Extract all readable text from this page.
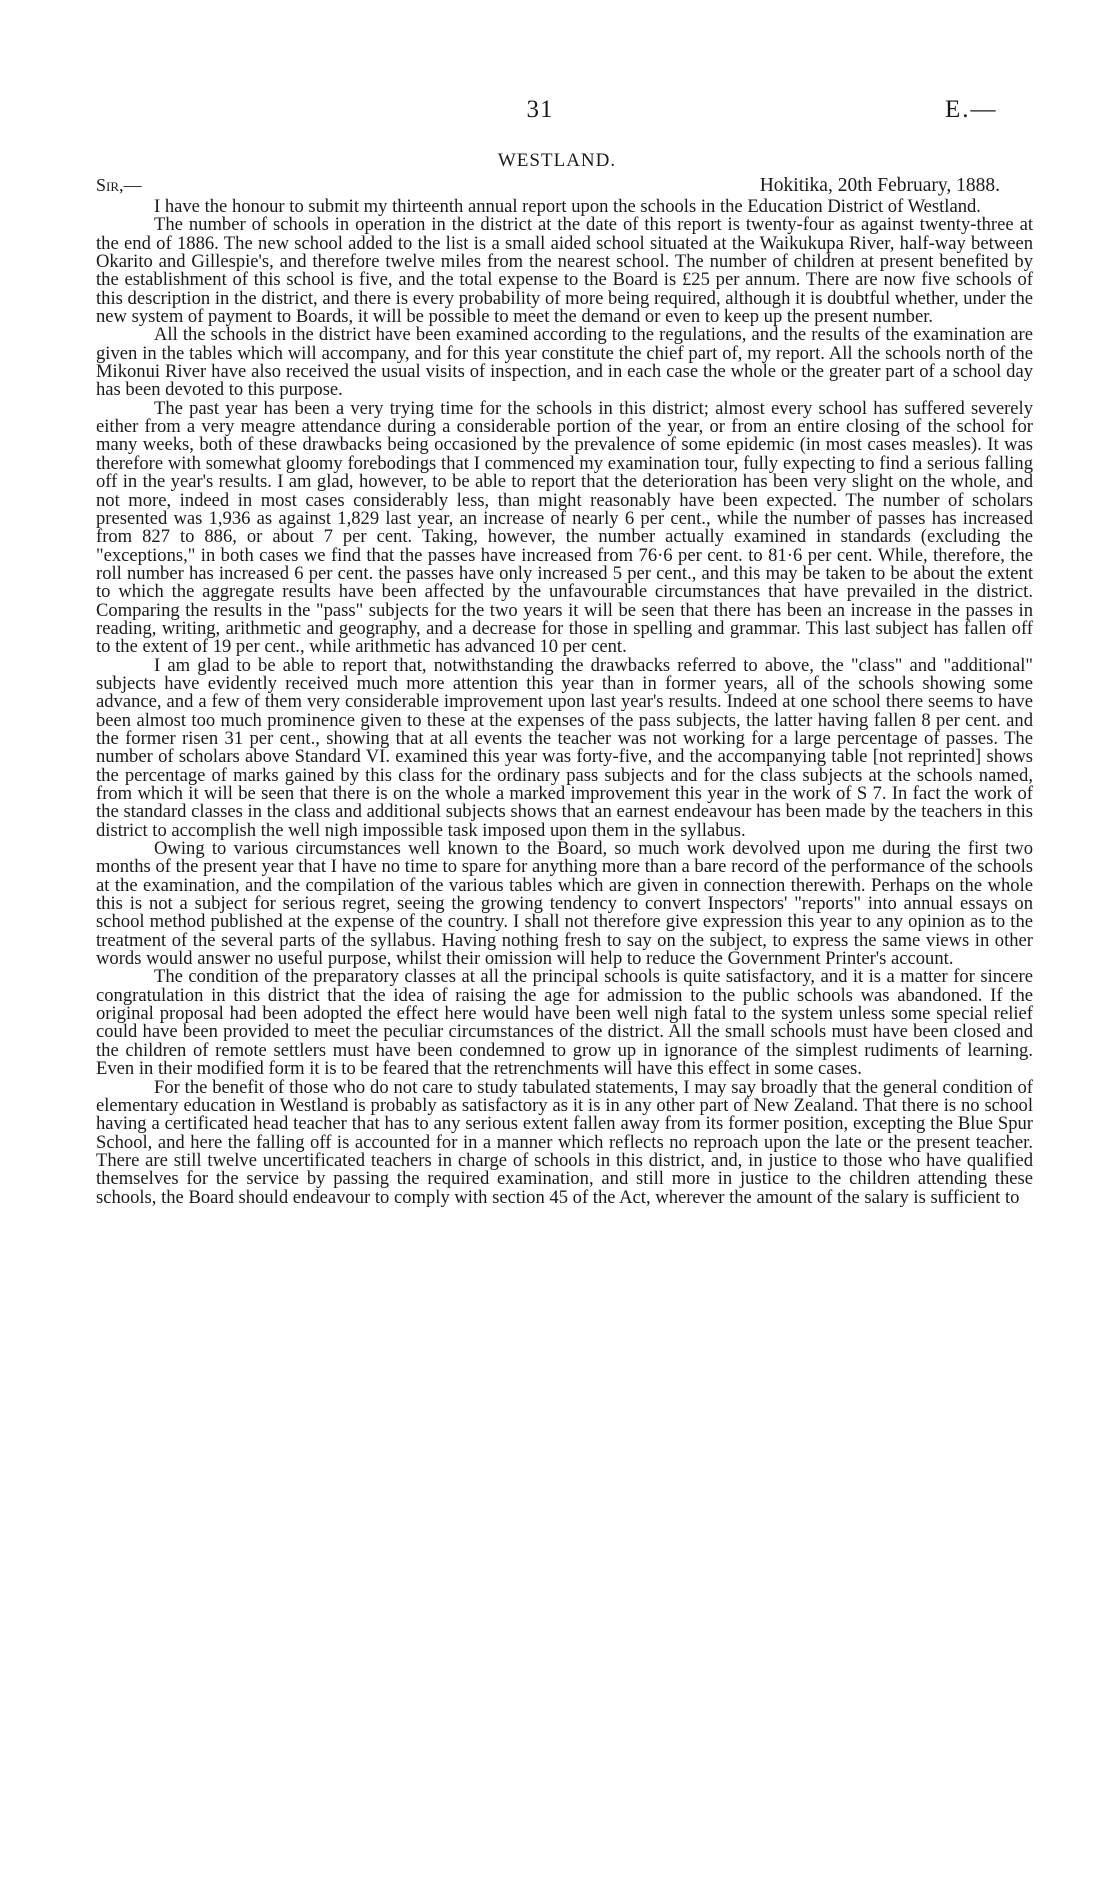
31	E.—
WESTLAND.
Sir,—	Hokitika, 20th February, 1888.

I have the honour to submit my thirteenth annual report upon the schools in the Education District of Westland.

The number of schools in operation in the district at the date of this report is twenty-four as against twenty-three at the end of 1886. The new school added to the list is a small aided school situated at the Waikukupa River, half-way between Okarito and Gillespie's, and therefore twelve miles from the nearest school. The number of children at present benefited by the establishment of this school is five, and the total expense to the Board is £25 per annum. There are now five schools of this description in the district, and there is every probability of more being required, although it is doubtful whether, under the new system of payment to Boards, it will be possible to meet the demand or even to keep up the present number.

All the schools in the district have been examined according to the regulations, and the results of the examination are given in the tables which will accompany, and for this year constitute the chief part of, my report. All the schools north of the Mikonui River have also received the usual visits of inspection, and in each case the whole or the greater part of a school day has been devoted to this purpose.

The past year has been a very trying time for the schools in this district; almost every school has suffered severely either from a very meagre attendance during a considerable portion of the year, or from an entire closing of the school for many weeks, both of these drawbacks being occasioned by the prevalence of some epidemic (in most cases measles). It was therefore with somewhat gloomy forebodings that I commenced my examination tour, fully expecting to find a serious falling off in the year's results. I am glad, however, to be able to report that the deterioration has been very slight on the whole, and not more, indeed in most cases considerably less, than might reasonably have been expected. The number of scholars presented was 1,936 as against 1,829 last year, an increase of nearly 6 per cent., while the number of passes has increased from 827 to 886, or about 7 per cent. Taking, however, the number actually examined in standards (excluding the "exceptions," in both cases we find that the passes have increased from 76·6 per cent. to 81·6 per cent. While, therefore, the roll number has increased 6 per cent. the passes have only increased 5 per cent., and this may be taken to be about the extent to which the aggregate results have been affected by the unfavourable circumstances that have prevailed in the district. Comparing the results in the "pass" subjects for the two years it will be seen that there has been an increase in the passes in reading, writing, arithmetic and geography, and a decrease for those in spelling and grammar. This last subject has fallen off to the extent of 19 per cent., while arithmetic has advanced 10 per cent.

I am glad to be able to report that, notwithstanding the drawbacks referred to above, the "class" and "additional" subjects have evidently received much more attention this year than in former years, all of the schools showing some advance, and a few of them very considerable improvement upon last year's results. Indeed at one school there seems to have been almost too much prominence given to these at the expenses of the pass subjects, the latter having fallen 8 per cent. and the former risen 31 per cent., showing that at all events the teacher was not working for a large percentage of passes. The number of scholars above Standard VI. examined this year was forty-five, and the accompanying table [not reprinted] shows the percentage of marks gained by this class for the ordinary pass subjects and for the class subjects at the schools named, from which it will be seen that there is on the whole a marked improvement this year in the work of S 7. In fact the work of the standard classes in the class and additional subjects shows that an earnest endeavour has been made by the teachers in this district to accomplish the well nigh impossible task imposed upon them in the syllabus.

Owing to various circumstances well known to the Board, so much work devolved upon me during the first two months of the present year that I have no time to spare for anything more than a bare record of the performance of the schools at the examination, and the compilation of the various tables which are given in connection therewith. Perhaps on the whole this is not a subject for serious regret, seeing the growing tendency to convert Inspectors' "reports" into annual essays on school method published at the expense of the country. I shall not therefore give expression this year to any opinion as to the treatment of the several parts of the syllabus. Having nothing fresh to say on the subject, to express the same views in other words would answer no useful purpose, whilst their omission will help to reduce the Government Printer's account.

The condition of the preparatory classes at all the principal schools is quite satisfactory, and it is a matter for sincere congratulation in this district that the idea of raising the age for admission to the public schools was abandoned. If the original proposal had been adopted the effect here would have been well nigh fatal to the system unless some special relief could have been provided to meet the peculiar circumstances of the district. All the small schools must have been closed and the children of remote settlers must have been condemned to grow up in ignorance of the simplest rudiments of learning. Even in their modified form it is to be feared that the retrenchments will have this effect in some cases.

For the benefit of those who do not care to study tabulated statements, I may say broadly that the general condition of elementary education in Westland is probably as satisfactory as it is in any other part of New Zealand. That there is no school having a certificated head teacher that has to any serious extent fallen away from its former position, excepting the Blue Spur School, and here the falling off is accounted for in a manner which reflects no reproach upon the late or the present teacher. There are still twelve uncertificated teachers in charge of schools in this district, and, in justice to those who have qualified themselves for the service by passing the required examination, and still more in justice to the children attending these schools, the Board should endeavour to comply with section 45 of the Act, wherever the amount of the salary is sufficient to
